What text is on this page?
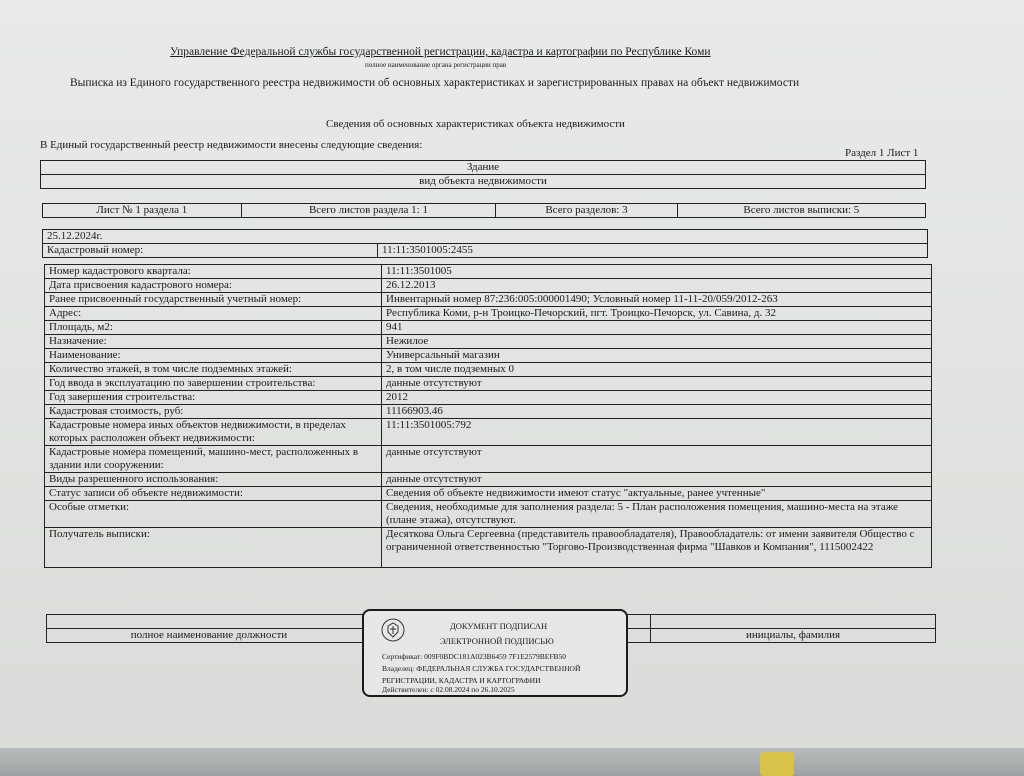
Управление Федеральной службы государственной регистрации, кадастра и картографии по Республике Коми
полное наименование органа регистрации прав
Выписка из Единого государственного реестра недвижимости об основных характеристиках и зарегистрированных правах на объект недвижимости
Сведения об основных характеристиках объекта недвижимости
В Единый государственный реестр недвижимости внесены следующие сведения:
Раздел 1 Лист 1
Здание
вид объекта недвижимости
Лист № 1 раздела 1	Всего листов раздела 1: 1	Всего разделов: 3	Всего листов выписки: 5
25.12.2024г.
Кадастровый номер:	11:11:3501005:2455
Номер кадастрового квартала:	11:11:3501005
Дата присвоения кадастрового номера:	26.12.2013
Ранее присвоенный государственный учетный номер:	Инвентарный номер 87:236:005:000001490; Условный номер 11-11-20/059/2012-263
Адрес:	Республика Коми, р-н Троицко-Печорский, пгт. Троицко-Печорск, ул. Савина, д. 32
Площадь, м2:	941
Назначение:	Нежилое
Наименование:	Универсальный магазин
Количество этажей, в том числе подземных этажей:	2, в том числе подземных 0
Год ввода в эксплуатацию по завершении строительства:	данные отсутствуют
Год завершения строительства:	2012
Кадастровая стоимость, руб:	11166903.46
Кадастровые номера иных объектов недвижимости, в пределах которых расположен объект недвижимости:	11:11:3501005:792
Кадастровые номера помещений, машино-мест, расположенных в здании или сооружении:	данные отсутствуют
Виды разрешенного использования:	данные отсутствуют
Статус записи об объекте недвижимости:	Сведения об объекте недвижимости имеют статус "актуальные, ранее учтенные"
Особые отметки:	Сведения, необходимые для заполнения раздела: 5 - План расположения помещения, машино-места на этаже (плане этажа), отсутствуют.
Получатель выписки:	Десяткова Ольга Сергеевна (представитель правообладателя), Правообладатель: от имени заявителя Общество с ограниченной ответственностью "Торгово-Производственная фирма "Шавков и Компания", 1115002422

полное наименование должности		инициалы, фамилия
ДОКУМЕНТ ПОДПИСАН
ЭЛЕКТРОННОЙ ПОДПИСЬЮ
Сертификат: 009F0BDC181A023B6459 7F1E2579BEFB50
Владелец: ФЕДЕРАЛЬНАЯ СЛУЖБА ГОСУДАРСТВЕННОЙ
РЕГИСТРАЦИИ, КАДАСТРА И КАРТОГРАФИИ
Действителен: с 02.08.2024 по 26.10.2025
